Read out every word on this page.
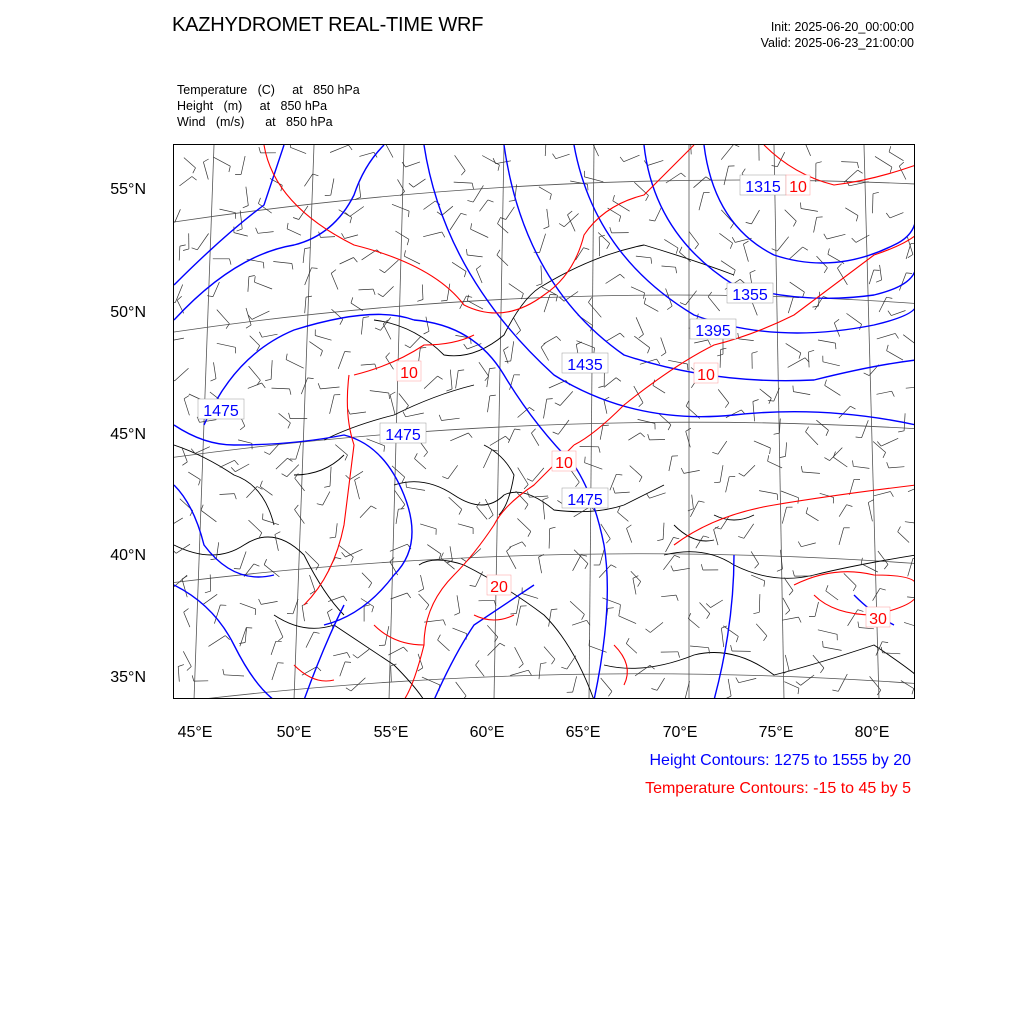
KAZHYDROMET REAL-TIME WRF	Init: 2025-06-20_00:00:00
Valid: 2025-06-23_21:00:00
Temperature   (C)     at   850 hPa
Height   (m)     at   850 hPa
Wind   (m/s)      at   850 hPa
1315
1355
1395
1435
1475
1475
1475
10
10	10
10
20
30
55°N
50°N
45°N
40°N
35°N
45°E	50°E	55°E	60°E	65°E	70°E	75°E	80°E
Height Contours: 1275 to 1555 by 20
Temperature Contours: -15 to 45 by 5
